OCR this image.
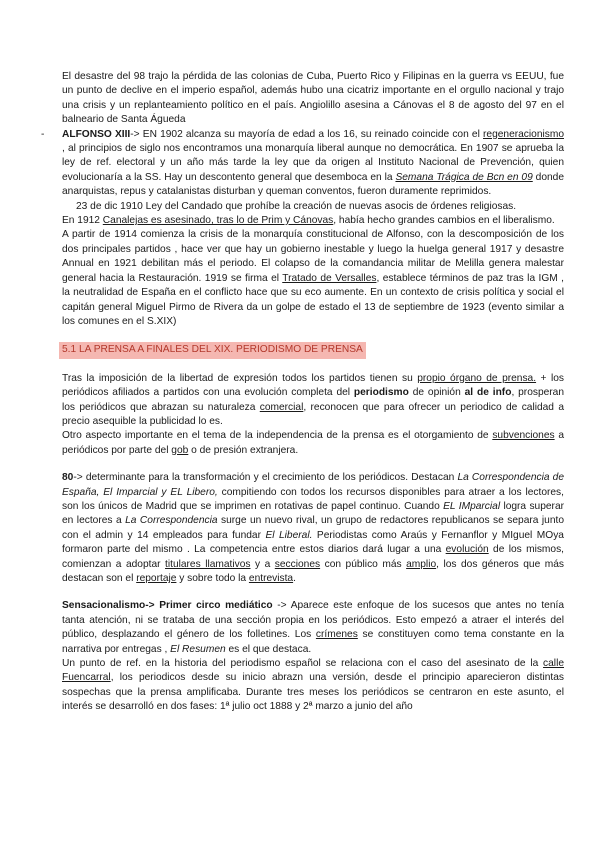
El desastre del 98 trajo la pérdida de las colonias de Cuba, Puerto Rico y Filipinas en la guerra vs EEUU, fue un punto de declive en el imperio español, además hubo una cicatriz importante en el orgullo nacional y trajo una crisis y un replanteamiento político en el país. Angiolillo asesina a Cánovas el 8 de agosto del 97 en el balneario de Santa Águeda

- ALFONSO XIII-> EN 1902 alcanza su mayoría de edad a los 16, su reinado coincide con el regeneracionismo , al principios de siglo nos encontramos una monarquía liberal aunque no democrática. En 1907 se aprueba la ley de ref. electoral y un año más tarde la ley que da origen al Instituto Nacional de Prevención, quien evolucionaría a la SS. Hay un descontento general que desemboca en la Semana Trágica de Bcn en 09 donde anarquistas, repus y catalanistas disturban y queman conventos, fueron duramente reprimidos.

23 de dic 1910 Ley del Candado que prohíbe la creación de nuevas asocis de órdenes religiosas.

En 1912 Canalejas es asesinado, tras lo de Prim y Cánovas, había hecho grandes cambios en el liberalismo.

A partir de 1914 comienza la crisis de la monarquía constitucional de Alfonso, con la descomposición de los dos principales partidos , hace ver que hay un gobierno inestable y luego la huelga general 1917 y desastre Annual en 1921 debilitan más el periodo. El colapso de la comandancia militar de Melilla genera malestar general hacia la Restauración. 1919 se firma el Tratado de Versalles, establece términos de paz tras la IGM , la neutralidad de España en el conflicto hace que su eco aumente. En un contexto de crisis política y social el capitán general Miguel Pirmo de Rivera da un golpe de estado el 13 de septiembre de 1923 (evento similar a los comunes en el S.XIX)

5.1 LA PRENSA A FINALES DEL XIX. PERIODISMO DE PRENSA

Tras la imposición de la libertad de expresión todos los partidos tienen su propio órgano de prensa. + los periódicos afiliados a partidos con una evolución completa del periodismo de opinión al de info, prosperan los periódicos que abrazan su naturaleza comercial, reconocen que para ofrecer un periodico de calidad a precio asequible la publicidad lo es.

Otro aspecto importante en el tema de la independencia de la prensa es el otorgamiento de subvenciones a periódicos por parte del gob o de presión extranjera.

80-> determinante para la transformación y el crecimiento de los periódicos. Destacan La Correspondencia de España, El Imparcial y EL Libero, compitiendo con todos los recursos disponibles para atraer a los lectores, son los únicos de Madrid que se imprimen en rotativas de papel continuo. Cuando EL IMparcial logra superar en lectores a La Correspondencia surge un nuevo rival, un grupo de redactores republicanos se separa junto con el admin y 14 empleados para fundar El Liberal. Periodistas como Araús y Fernanflor y MIguel MOya formaron parte del mismo . La competencia entre estos diarios dará lugar a una evolución de los mismos, comienzan a adoptar titulares llamativos y a secciones con público más amplio, los dos géneros que más destacan son el reportaje y sobre todo la entrevista.

Sensacionalismo-> Primer circo mediático -> Aparece este enfoque de los sucesos que antes no tenía tanta atención, ni se trataba de una sección propia en los periódicos. Esto empezó a atraer el interés del público, desplazando el género de los folletines. Los crímenes se constituyen como tema constante en la narrativa por entregas , El Resumen es el que destaca.

Un punto de ref. en la historia del periodismo español se relaciona con el caso del asesinato de la calle Fuencarral, los periodicos desde su inicio abrazn una versión, desde el principio aparecieron distintas sospechas que la prensa amplificaba. Durante tres meses los periódicos se centraron en este asunto, el interés se desarrolló en dos fases: 1ª julio oct 1888 y 2ª marzo a junio del año
